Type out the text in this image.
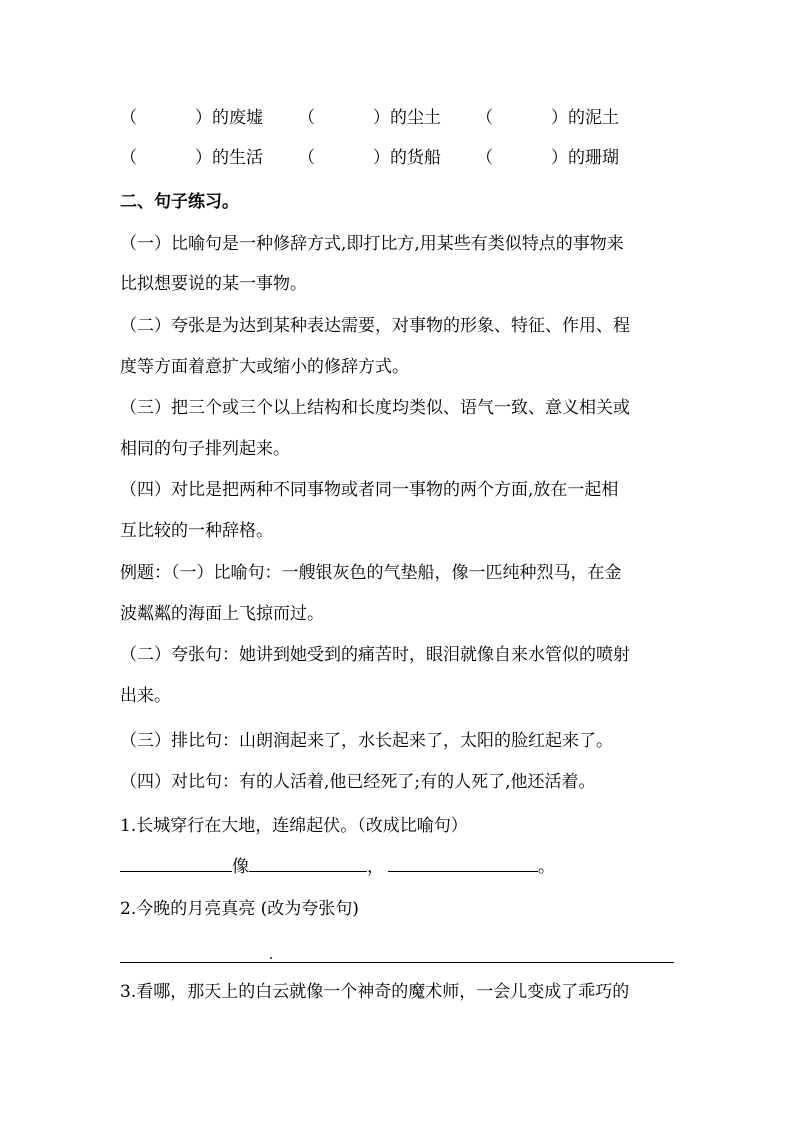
（	）的废墟 （	）的尘土 （	）的泥土
（	）的生活 （	）的货船 （	）的珊瑚
二、句子练习。
（一）比喻句是一种修辞方式,即打比方,用某些有类似特点的事物来
比拟想要说的某一事物。
（二）夸张是为达到某种表达需要，对事物的形象、特征、作用、程
度等方面着意扩大或缩小的修辞方式。
（三）把三个或三个以上结构和长度均类似、语气一致、意义相关或
相同的句子排列起来。
（四）对比是把两种不同事物或者同一事物的两个方面,放在一起相
互比较的一种辞格。
例题：（一）比喻句：一艘银灰色的气垫船，像一匹纯种烈马，在金
波粼粼的海面上飞掠而过。
（二）夸张句：她讲到她受到的痛苦时，眼泪就像自来水管似的喷射
出来。
（三）排比句：山朗润起来了，水长起来了，太阳的脸红起来了。
（四）对比句：有的人活着,他已经死了;有的人死了,他还活着。
1.长城穿行在大地，连绵起伏。（改成比喻句）
像	，	。
2.今晚的月亮真亮 (改为夸张句)
3.看哪，那天上的白云就像一个神奇的魔术师，一会儿变成了乖巧的
